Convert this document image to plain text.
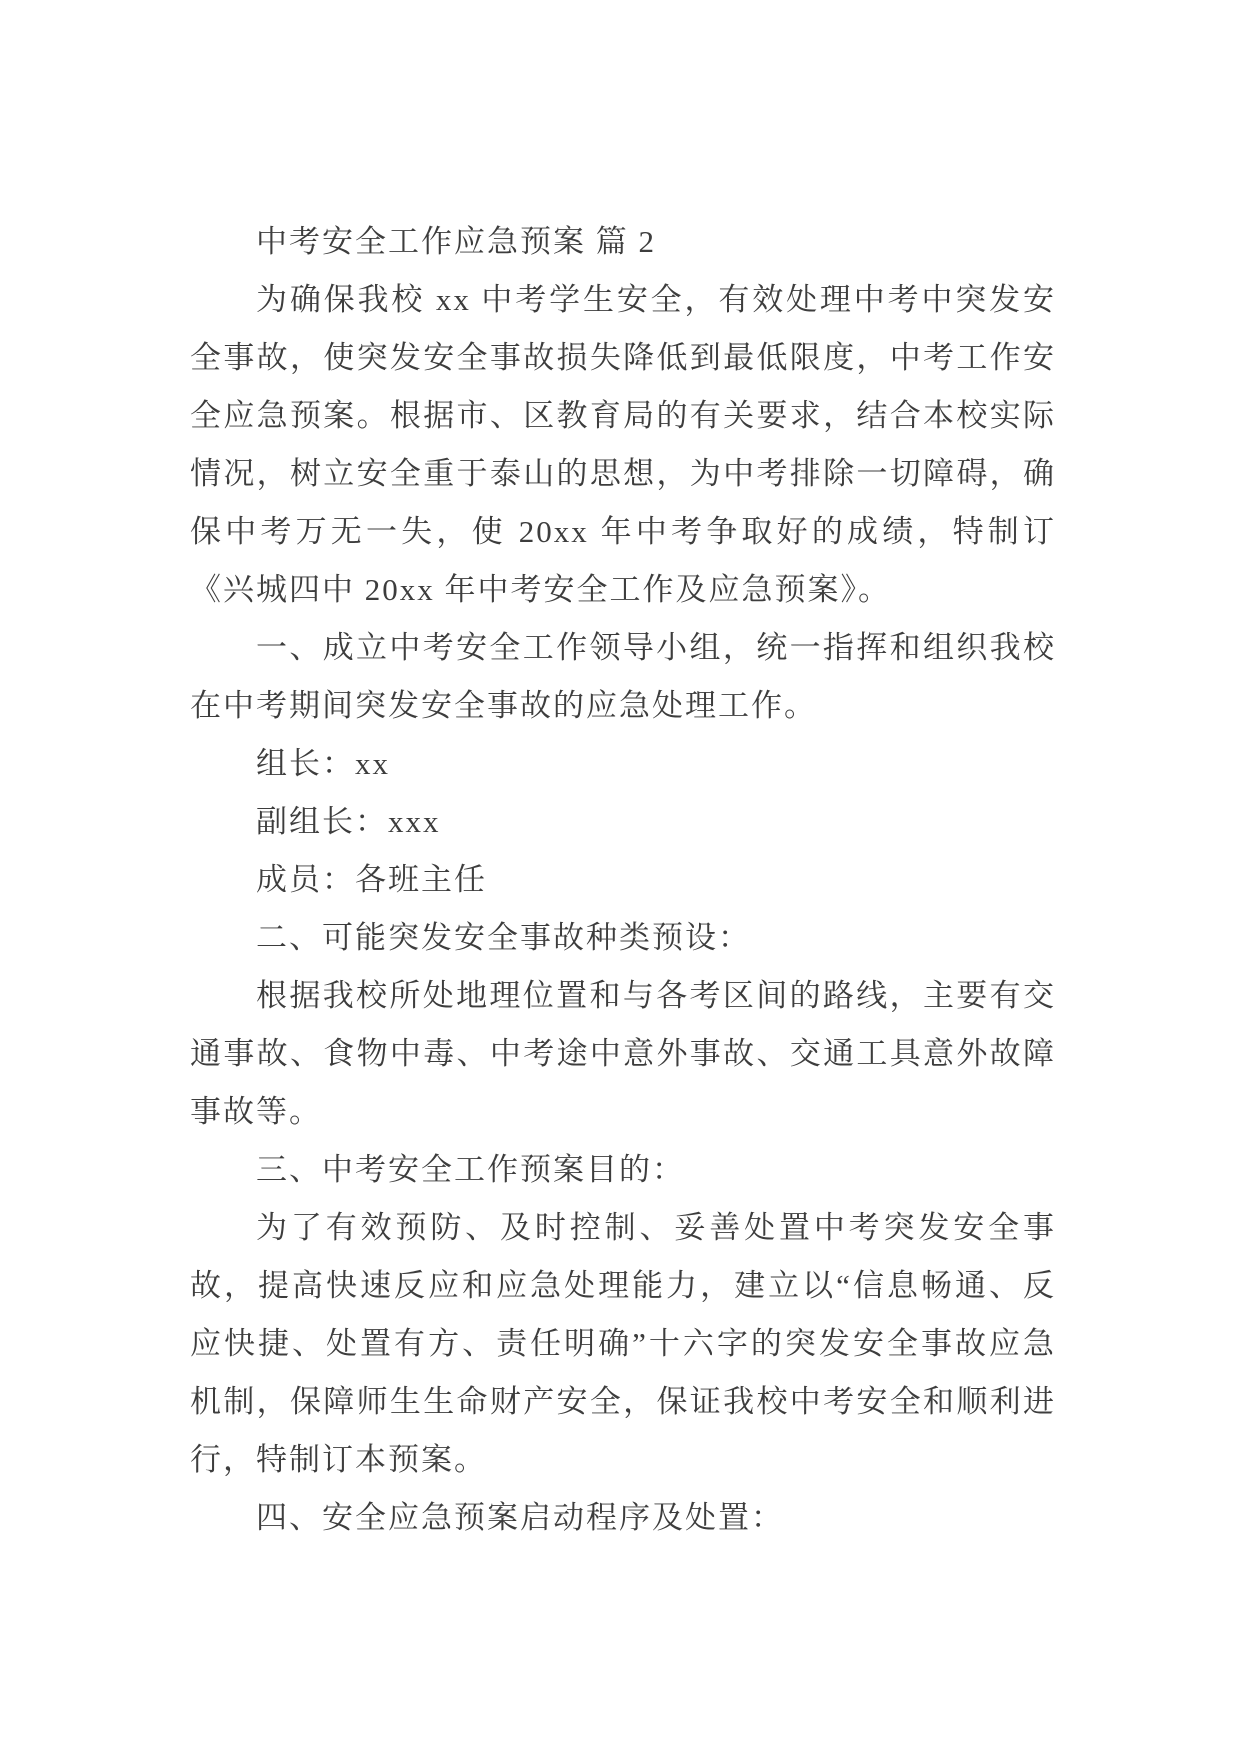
中考安全工作应急预案 篇 2

为确保我校 xx 中考学生安全，有效处理中考中突发安全事故，使突发安全事故损失降低到最低限度，中考工作安全应急预案。根据市、区教育局的有关要求，结合本校实际情况，树立安全重于泰山的思想，为中考排除一切障碍，确保中考万无一失，使 20xx 年中考争取好的成绩，特制订《兴城四中 20xx 年中考安全工作及应急预案》。

一、成立中考安全工作领导小组，统一指挥和组织我校在中考期间突发安全事故的应急处理工作。

组长：xx

副组长：xxx

成员：各班主任

二、可能突发安全事故种类预设：

根据我校所处地理位置和与各考区间的路线，主要有交通事故、食物中毒、中考途中意外事故、交通工具意外故障事故等。

三、中考安全工作预案目的：

为了有效预防、及时控制、妥善处置中考突发安全事故，提高快速反应和应急处理能力，建立以“信息畅通、反应快捷、处置有方、责任明确”十六字的突发安全事故应急机制，保障师生生命财产安全，保证我校中考安全和顺利进行，特制订本预案。

四、安全应急预案启动程序及处置：
